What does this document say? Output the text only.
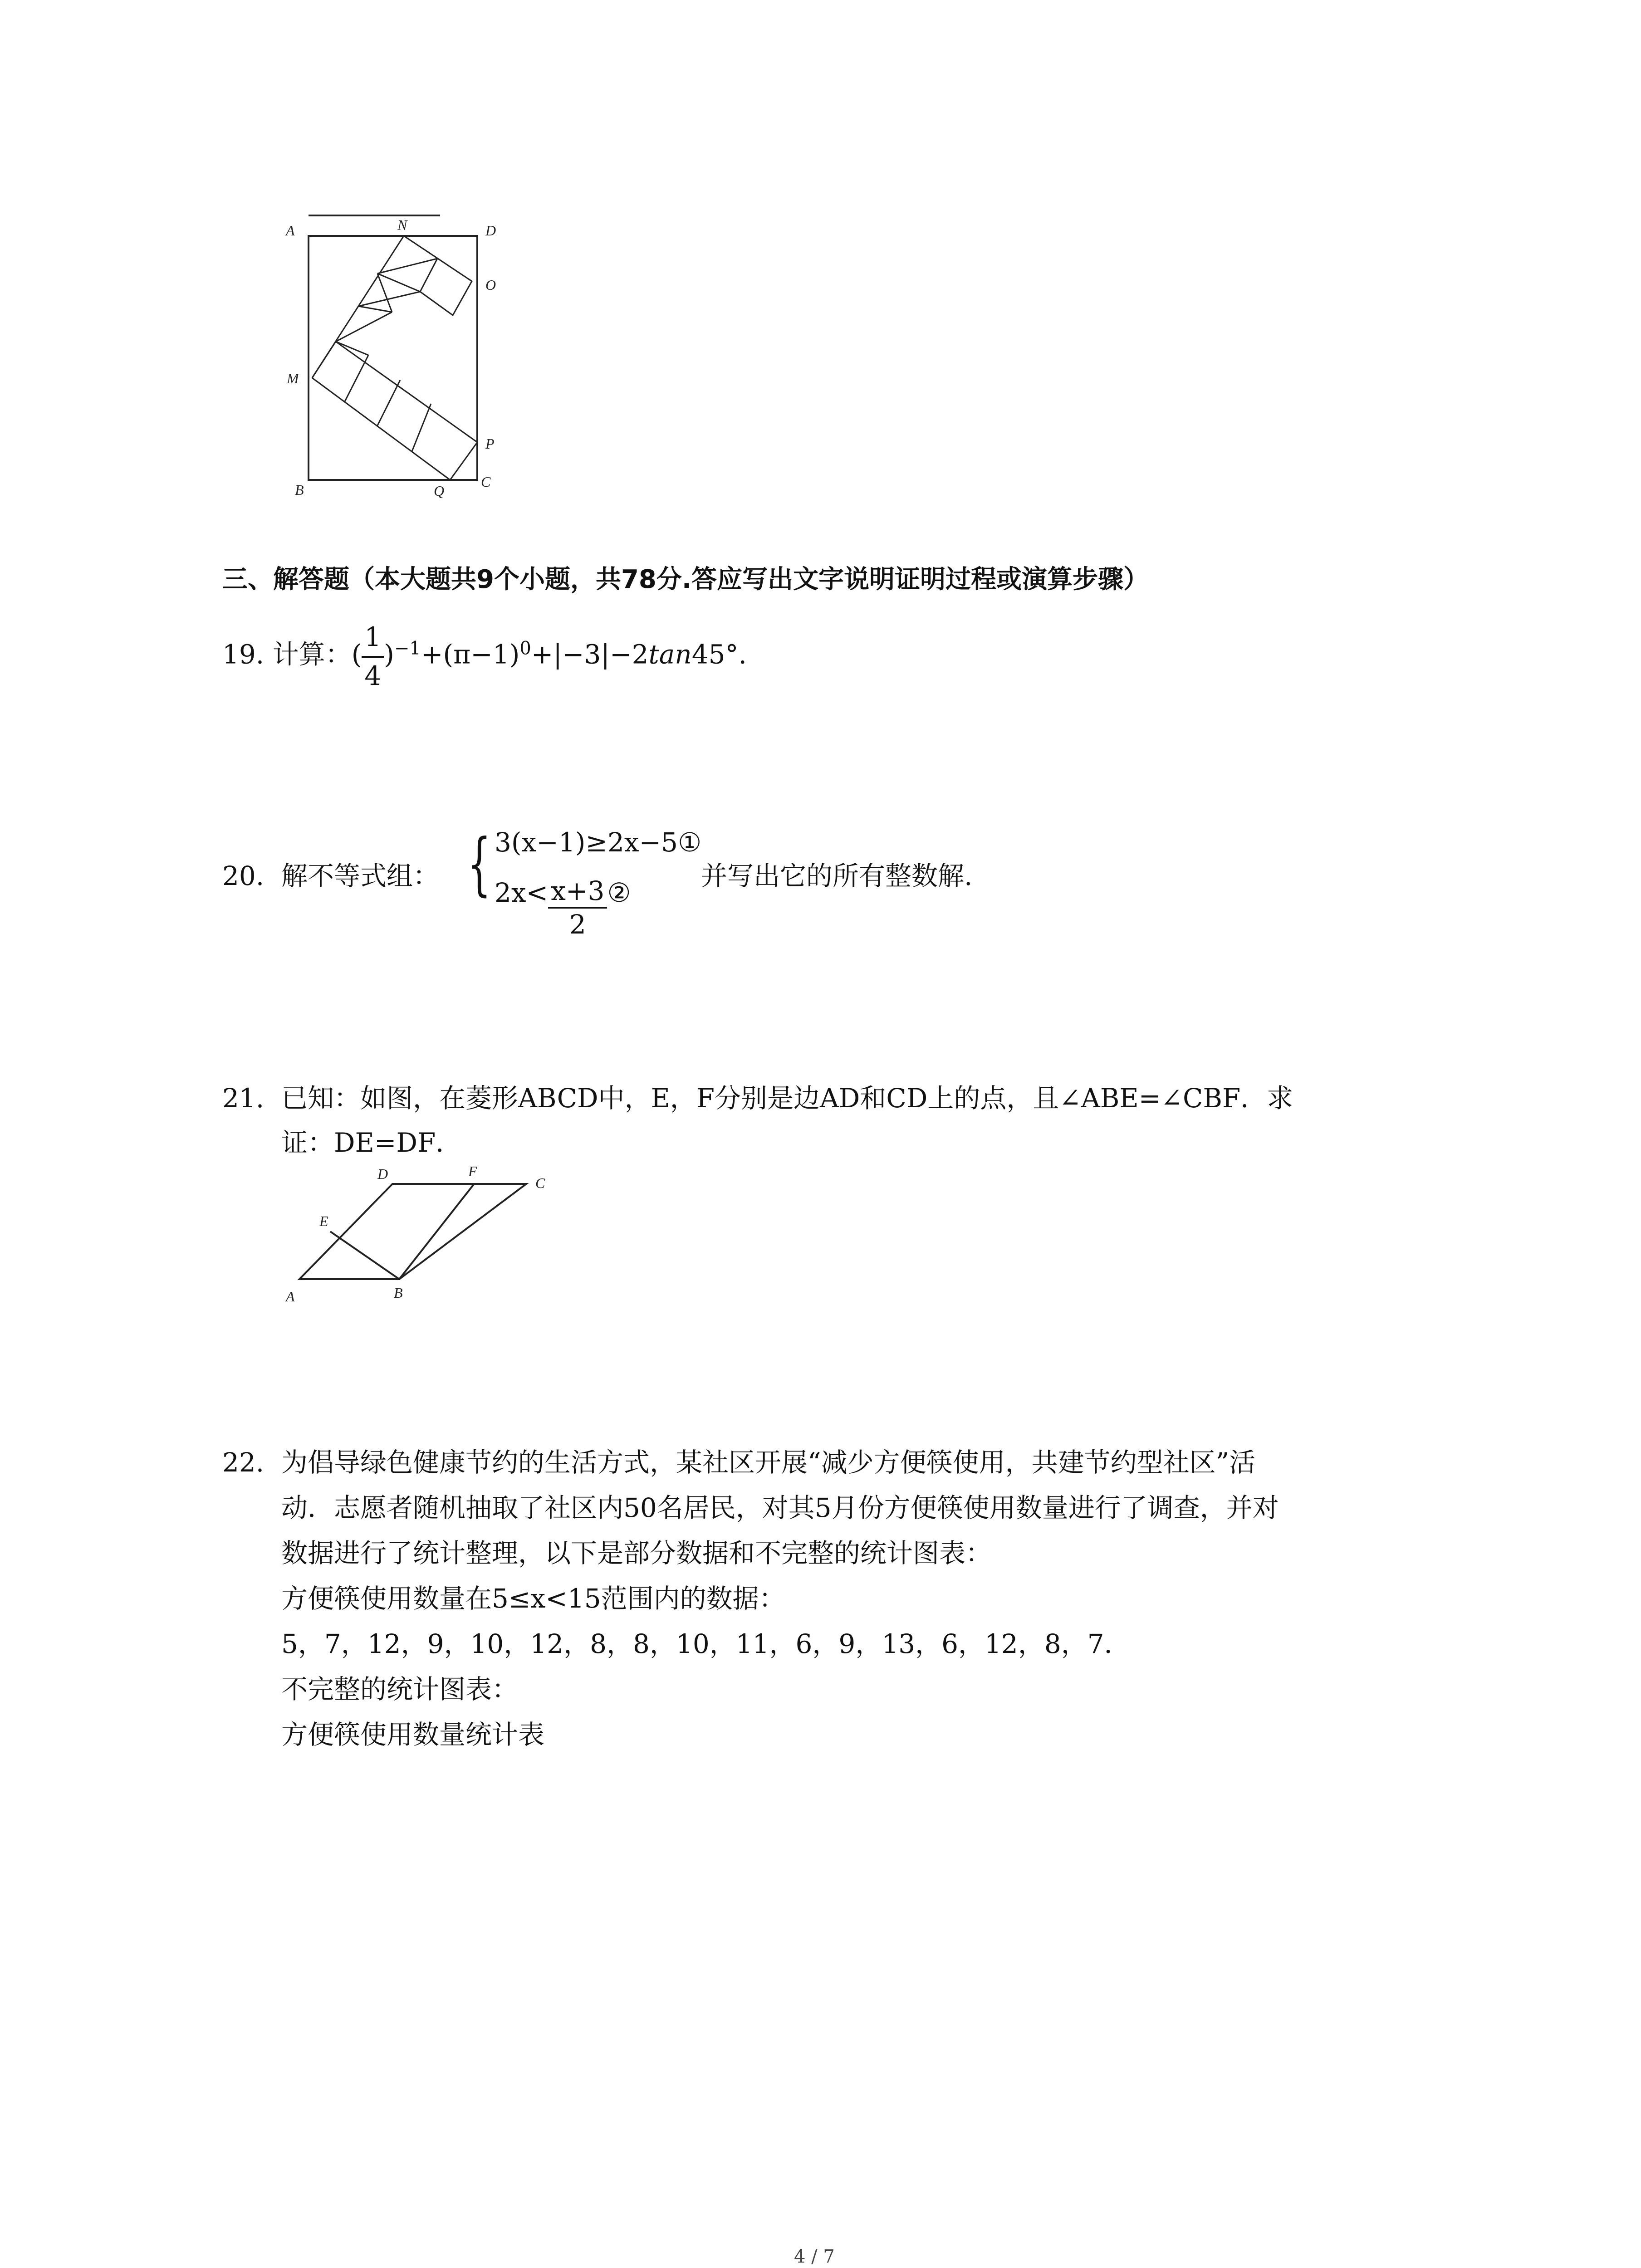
A	N	D
O
M
P
B	Q
C
三、解答题（本大题共9个小题，共78分.答应写出文字说明证明过程或演算步骤）
19. 计算：( $\frac{1}{4} )^{-1}+(\pi-1)^0+|-3|-2\tan 45^\circ$.
20. 解不等式组： { 3(x−1)≥2x−5①
$2x< \frac{x+3}{2}$ ②
并写出它的所有整数解.
21. 已知：如图，在菱形ABCD中，E，F分别是边AD和CD上的点，且∠ABE=∠CBF．求
证：DE=DF．
D	F
C
E
A	B
22. 为倡导绿色健康节约的生活方式，某社区开展“减少方便筷使用，共建节约型社区”活
动．志愿者随机抽取了社区内50名居民，对其5月份方便筷使用数量进行了调查，并对
数据进行了统计整理，以下是部分数据和不完整的统计图表：
方便筷使用数量在5≤x<15范围内的数据：
5，7，12，9，10，12，8，8，10，11，6，9，13，6，12，8，7．
不完整的统计图表：
方便筷使用数量统计表
4 / 7
